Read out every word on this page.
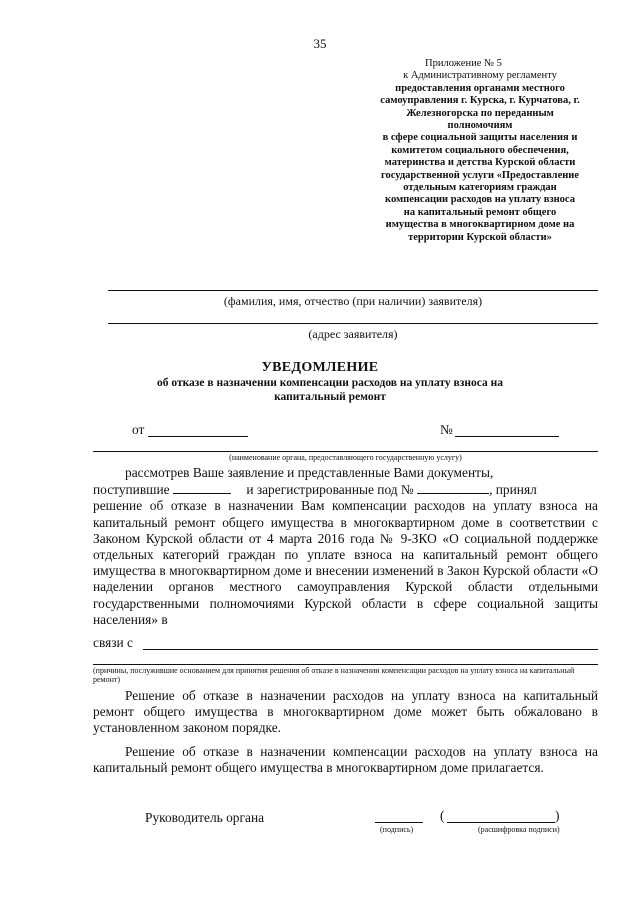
35
Приложение № 5
к Административному регламенту
предоставления органами местного
самоуправления г. Курска, г. Курчатова, г.
Железногорска по переданным
полномочиям
в сфере социальной защиты населения и
комитетом социального обеспечения,
материнства и детства Курской области
государственной услуги «Предоставление
отдельным категориям граждан
компенсации расходов на уплату взноса
на капитальный ремонт общего
имущества в многоквартирном доме на
территории Курской области»
(фамилия, имя, отчество (при наличии) заявителя)
(адрес заявителя)
УВЕДОМЛЕНИЕ
об отказе в назначении компенсации расходов на уплату взноса на капитальный ремонт
от	№
(наименование органа, предоставляющего государственную услугу)

рассмотрев Ваше заявление и представленные Вами документы,

поступившие	и зарегистрированные под №	, принял

решение об отказе в назначении Вам компенсации расходов на уплату взноса на капитальный ремонт общего имущества в многоквартирном доме в соответствии с Законом Курской области от 4 марта 2016 года № 9-ЗКО «О социальной поддержке отдельных категорий граждан по уплате взноса на капитальный ремонт общего имущества в многоквартирном доме и внесении изменений в Закон Курской области «О наделении органов местного самоуправления Курской области отдельными государственными полномочиями Курской области в сфере социальной защиты населения» в

связи с
(причины, послужившие основанием для принятия решения об отказе в назначении компенсации расходов на уплату взноса на капитальный ремонт)

Решение об отказе в назначении расходов на уплату взноса на капитальный ремонт общего имущества в многоквартирном доме может быть обжаловано в установленном законом порядке.

Решение об отказе в назначении компенсации расходов на уплату взноса на капитальный ремонт общего имущества в многоквартирном доме прилагается.

Руководитель органа	(	)
(подпись)	(расшифровка подписи)
